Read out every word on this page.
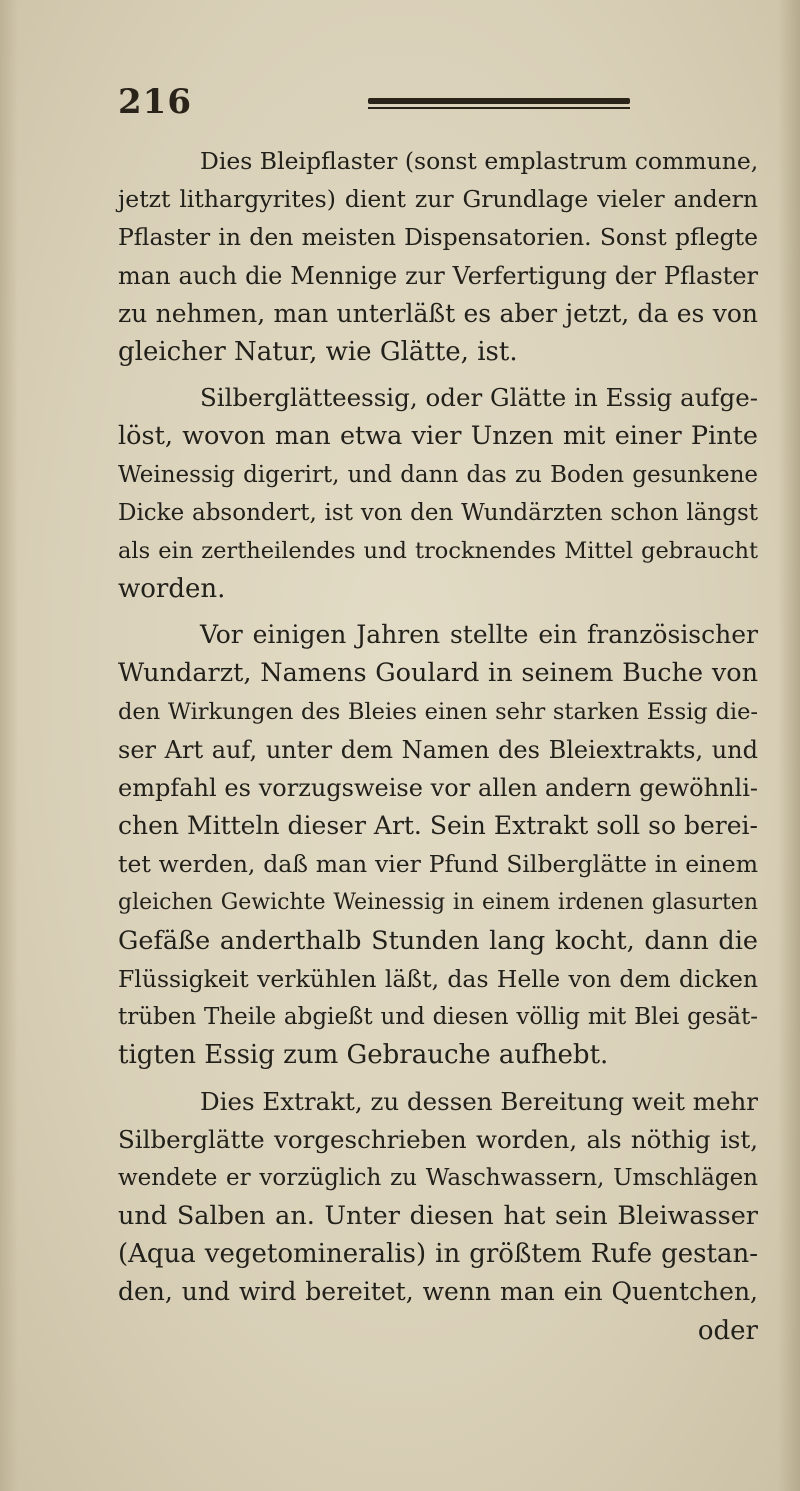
216
Dies Bleipflaster (sonst emplastrum commune,
jetzt lithargyrites) dient zur Grundlage vieler andern
Pflaster in den meisten Dispensatorien. Sonst pflegte
man auch die Mennige zur Verfertigung der Pflaster
zu nehmen, man unterläßt es aber jetzt, da es von
gleicher Natur, wie Glätte, ist.
Silberglätteessig, oder Glätte in Essig aufge-
löst, wovon man etwa vier Unzen mit einer Pinte
Weinessig digerirt, und dann das zu Boden gesunkene
Dicke absondert, ist von den Wundärzten schon längst
als ein zertheilendes und trocknendes Mittel gebraucht
worden.
Vor einigen Jahren stellte ein französischer
Wundarzt, Namens Goulard in seinem Buche von
den Wirkungen des Bleies einen sehr starken Essig die-
ser Art auf, unter dem Namen des Bleiextrakts, und
empfahl es vorzugsweise vor allen andern gewöhnli-
chen Mitteln dieser Art. Sein Extrakt soll so berei-
tet werden, daß man vier Pfund Silberglätte in einem
gleichen Gewichte Weinessig in einem irdenen glasurten
Gefäße anderthalb Stunden lang kocht, dann die
Flüssigkeit verkühlen läßt, das Helle von dem dicken
trüben Theile abgießt und diesen völlig mit Blei gesät-
tigten Essig zum Gebrauche aufhebt.
Dies Extrakt, zu dessen Bereitung weit mehr
Silberglätte vorgeschrieben worden, als nöthig ist,
wendete er vorzüglich zu Waschwassern, Umschlägen
und Salben an. Unter diesen hat sein Bleiwasser
(Aqua vegetomineralis) in größtem Rufe gestan-
den, und wird bereitet, wenn man ein Quentchen,
oder
